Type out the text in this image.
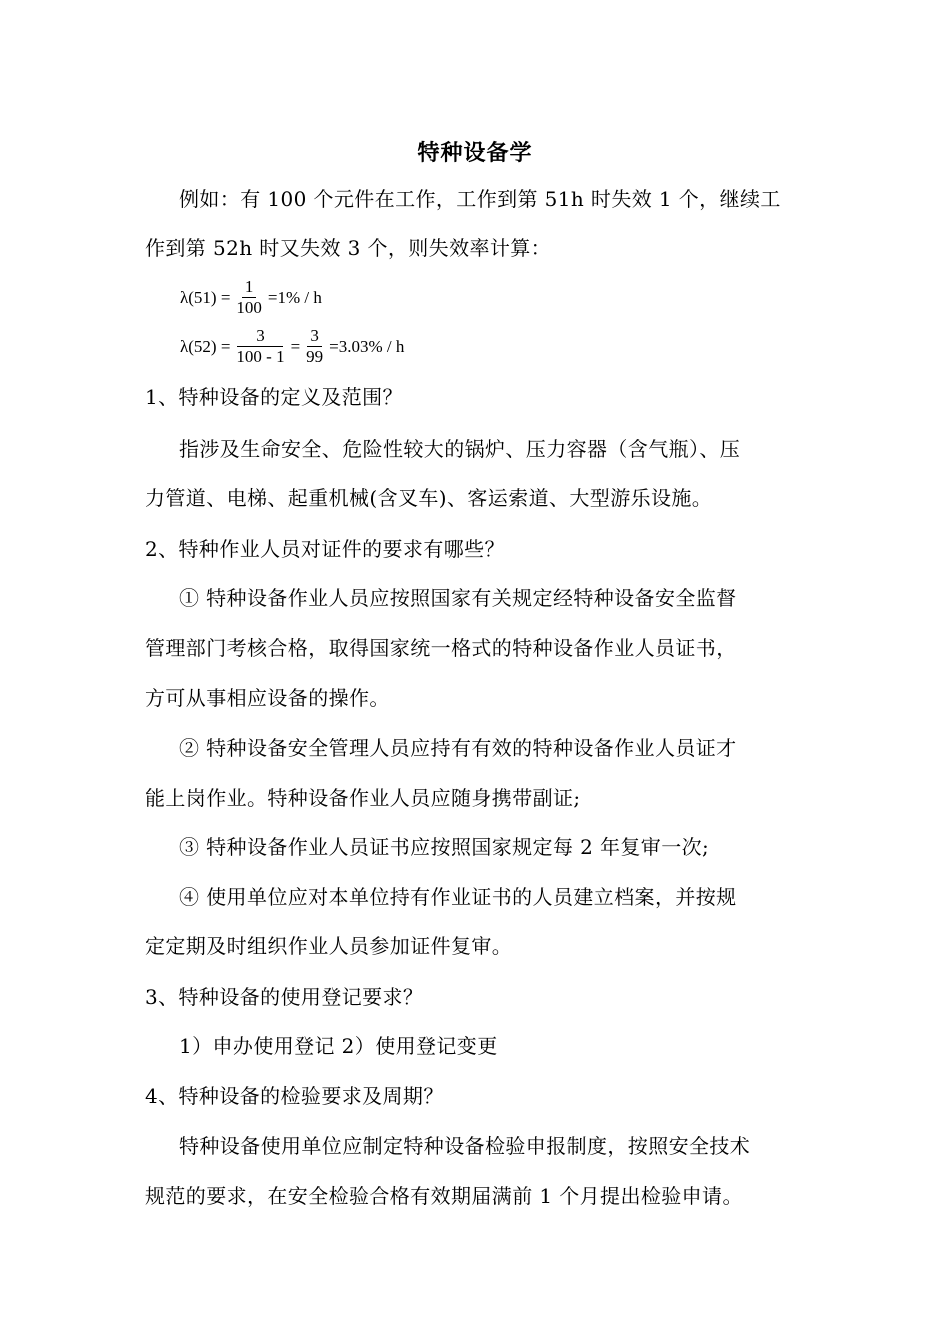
特种设备学
例如：有 100 个元件在工作，工作到第 51h 时失效 1 个，继续工
作到第 52h 时又失效 3 个，则失效率计算：
$\lambda(51) = \frac{1}{100} =1\% / h$
$\lambda(52) = \frac{3}{100 - 1} = \frac{3}{99} =3.03\% / h$
1、特种设备的定义及范围？
指涉及生命安全、危险性较大的锅炉、压力容器（含气瓶）、压
力管道、电梯、起重机械(含叉车)、客运索道、大型游乐设施。
2、特种作业人员对证件的要求有哪些？
① 特种设备作业人员应按照国家有关规定经特种设备安全监督
管理部门考核合格，取得国家统一格式的特种设备作业人员证书，
方可从事相应设备的操作。
② 特种设备安全管理人员应持有有效的特种设备作业人员证才
能上岗作业。特种设备作业人员应随身携带副证;
③ 特种设备作业人员证书应按照国家规定每 2 年复审一次;
④ 使用单位应对本单位持有作业证书的人员建立档案，并按规
定定期及时组织作业人员参加证件复审。
3、特种设备的使用登记要求？
1）申办使用登记 2）使用登记变更
4、特种设备的检验要求及周期？
特种设备使用单位应制定特种设备检验申报制度，按照安全技术
规范的要求，在安全检验合格有效期届满前 1 个月提出检验申请。
